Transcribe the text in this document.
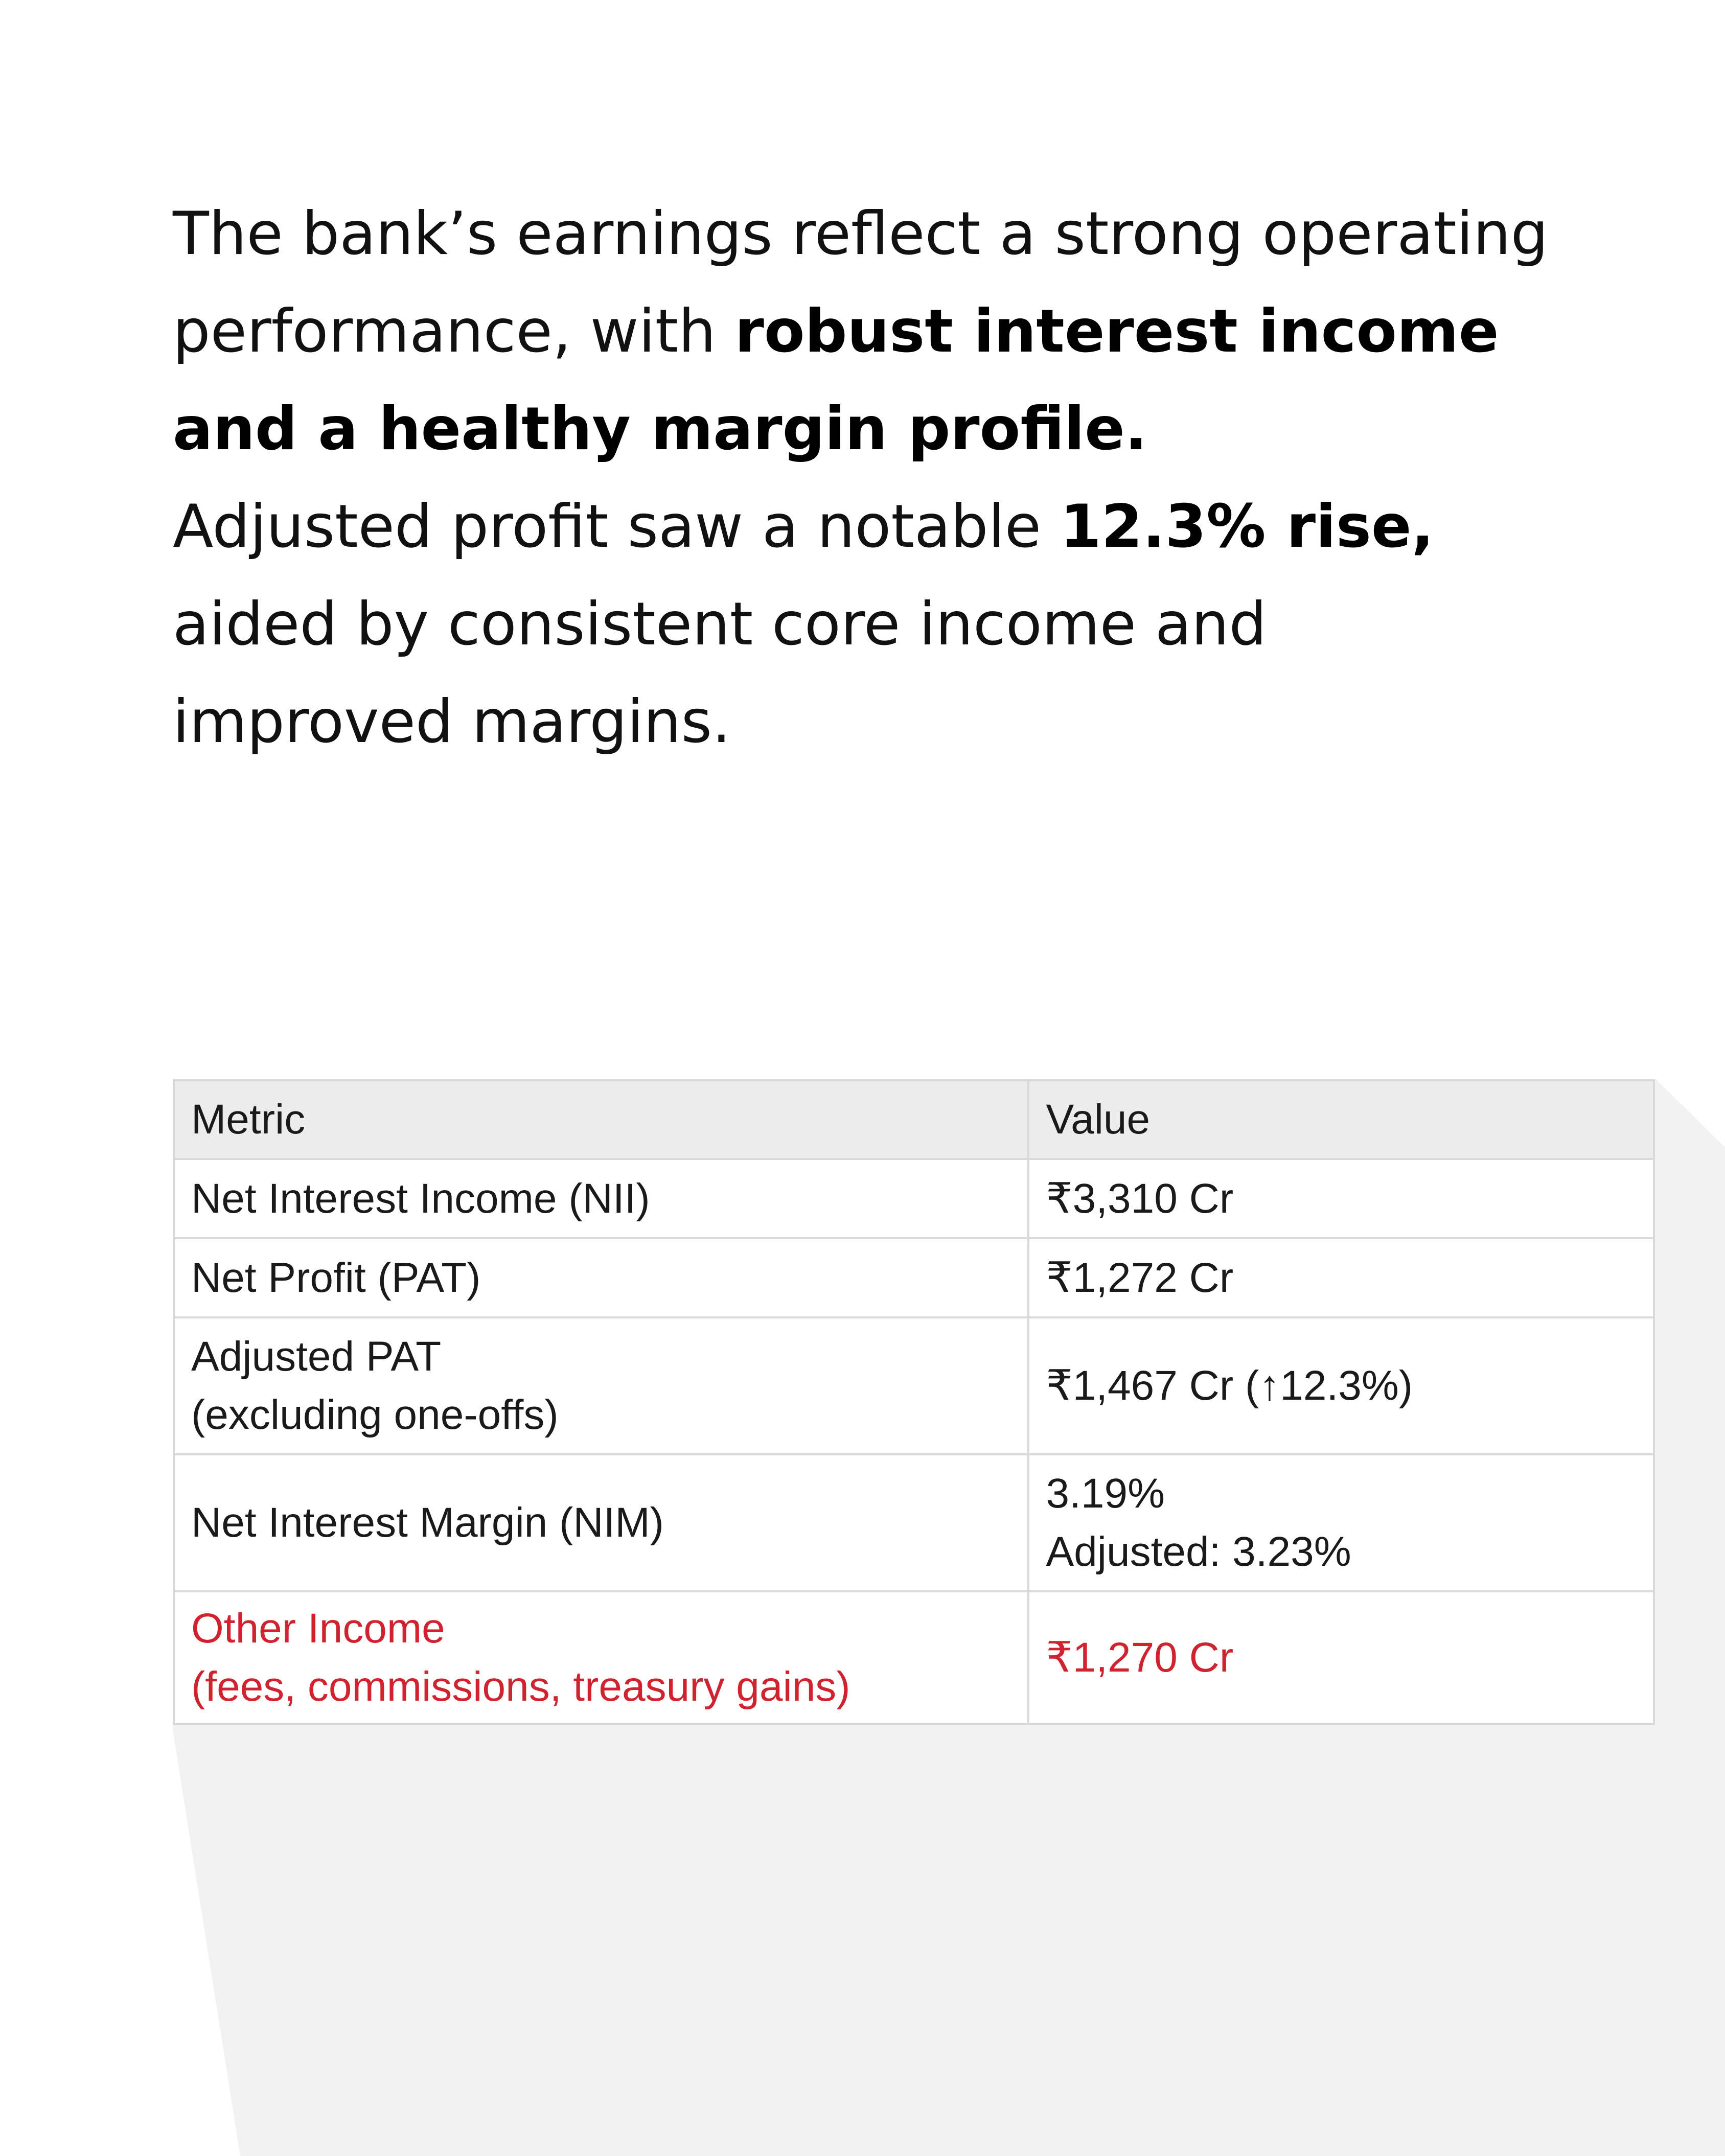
The bank’s earnings reflect a strong operating performance, with robust interest income and a healthy margin profile.

Adjusted profit saw a notable 12.3% rise, aided by consistent core income and improved margins.

Metric	Value
Net Interest Income (NII)	₹3,310 Cr
Net Profit (PAT)	₹1,272 Cr

Adjusted PAT
(excluding one-offs)	₹1,467 Cr (↑12.3%)
Net Interest Margin (NIM)	3.19%
Adjusted: 3.23%

Other Income
(fees, commissions, treasury gains)	₹1,270 Cr
